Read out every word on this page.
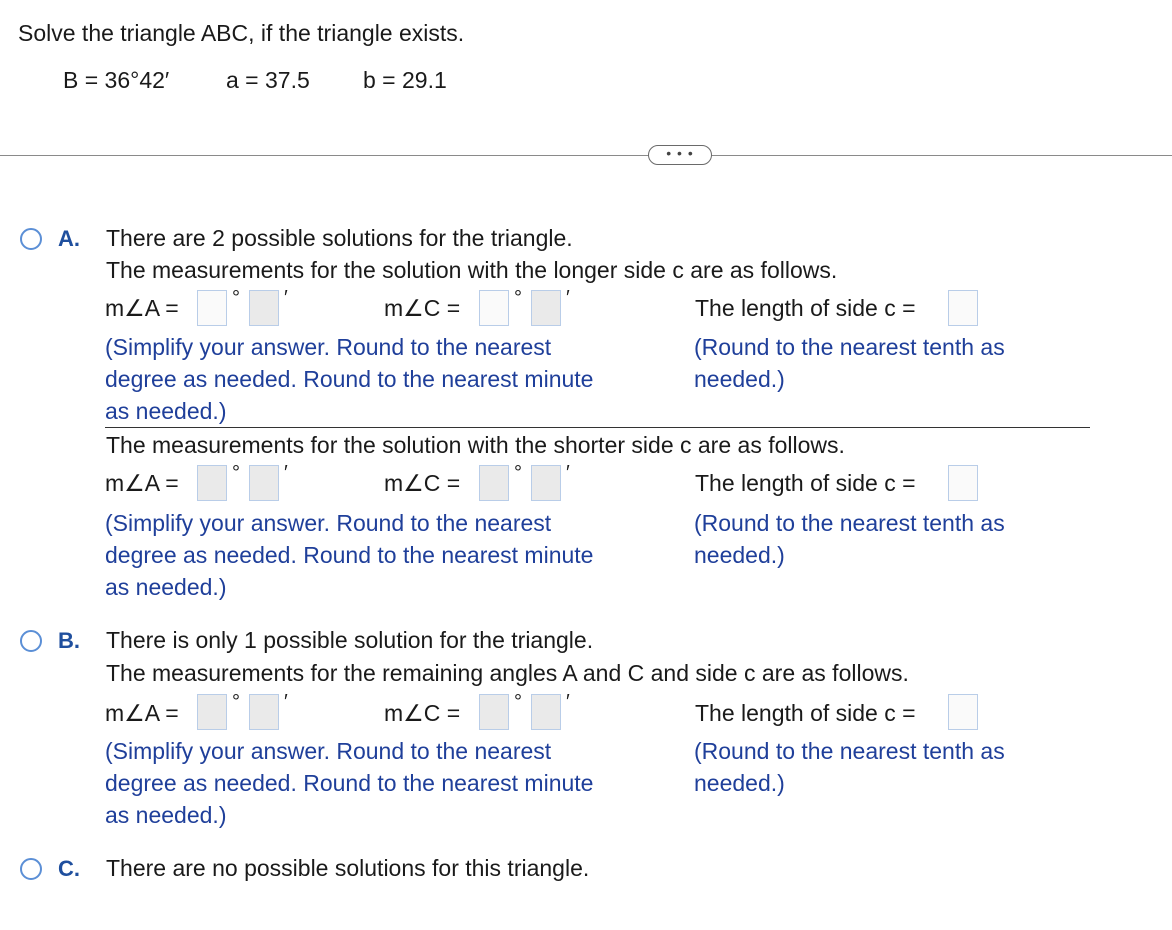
Solve the triangle ABC, if the triangle exists.
B = 36°42′ a = 37.5 b = 29.1
• • •
A. There are 2 possible solutions for the triangle.
The measurements for the solution with the longer side c are as follows.
m∠A =	° ′	m∠C =	° ′	The length of side c =
(Simplify your answer. Round to the nearest
degree as needed. Round to the nearest minute
as needed.)
(Round to the nearest tenth as
needed.)
The measurements for the solution with the shorter side c are as follows.
m∠A =	° ′	m∠C =	° ′	The length of side c =
(Simplify your answer. Round to the nearest
degree as needed. Round to the nearest minute
as needed.)
(Round to the nearest tenth as
needed.)
B. There is only 1 possible solution for the triangle.
The measurements for the remaining angles A and C and side c are as follows.
m∠A =	° ′	m∠C =	° ′	The length of side c =
(Simplify your answer. Round to the nearest
degree as needed. Round to the nearest minute
as needed.)
(Round to the nearest tenth as
needed.)
C. There are no possible solutions for this triangle.
